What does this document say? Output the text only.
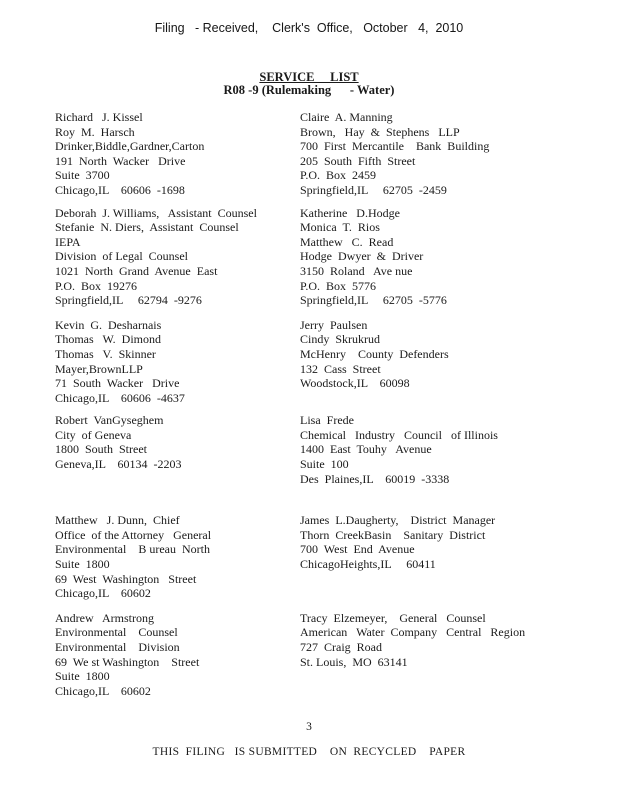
Filing   - Received,    Clerk's  Office,   October   4,  2010
SERVICE     LIST
R08 -9 (Rulemaking      - Water)
Richard   J. Kissel
Roy  M.  Harsch
Drinker,Biddle,Gardner,Carton
191  North  Wacker   Drive
Suite  3700
Chicago,IL    60606  -1698
Claire  A. Manning
Brown,   Hay  &  Stephens   LLP
700  First  Mercantile    Bank  Building
205  South  Fifth  Street
P.O.  Box  2459
Springfield,IL     62705  -2459
Deborah  J. Williams,   Assistant  Counsel
Stefanie  N. Diers,  Assistant  Counsel
IEPA
Division  of Legal  Counsel
1021  North  Grand  Avenue  East
P.O.  Box  19276
Springfield,IL     62794  -9276
Katherine   D.Hodge
Monica  T.  Rios
Matthew   C.  Read
Hodge  Dwyer  &  Driver
3150  Roland   Ave nue
P.O.  Box  5776
Springfield,IL     62705  -5776
Kevin  G.  Desharnais
Thomas   W.  Dimond
Thomas   V.  Skinner
Mayer,BrownLLP
71  South  Wacker   Drive
Chicago,IL    60606  -4637
Jerry  Paulsen
Cindy  Skrukrud
McHenry    County  Defenders
132  Cass  Street
Woodstock,IL    60098
Robert  VanGyseghem
City  of Geneva
1800  South  Street
Geneva,IL    60134  -2203
Lisa  Frede
Chemical   Industry   Council   of Illinois
1400  East  Touhy   Avenue
Suite  100
Des  Plaines,IL    60019  -3338
Matthew   J. Dunn,  Chief
Office  of the Attorney   General
Environmental    B ureau  North
Suite  1800
69  West  Washington   Street
Chicago,IL    60602
James  L.Daugherty,    District  Manager
Thorn  CreekBasin    Sanitary  District
700  West  End  Avenue
ChicagoHeights,IL     60411
Andrew   Armstrong
Environmental    Counsel
Environmental    Division
69  We st Washington    Street
Suite  1800
Chicago,IL    60602
Tracy  Elzemeyer,    General   Counsel
American   Water  Company   Central   Region
727  Craig  Road
St. Louis,  MO  63141
3
THIS  FILING   IS SUBMITTED    ON  RECYCLED    PAPER
